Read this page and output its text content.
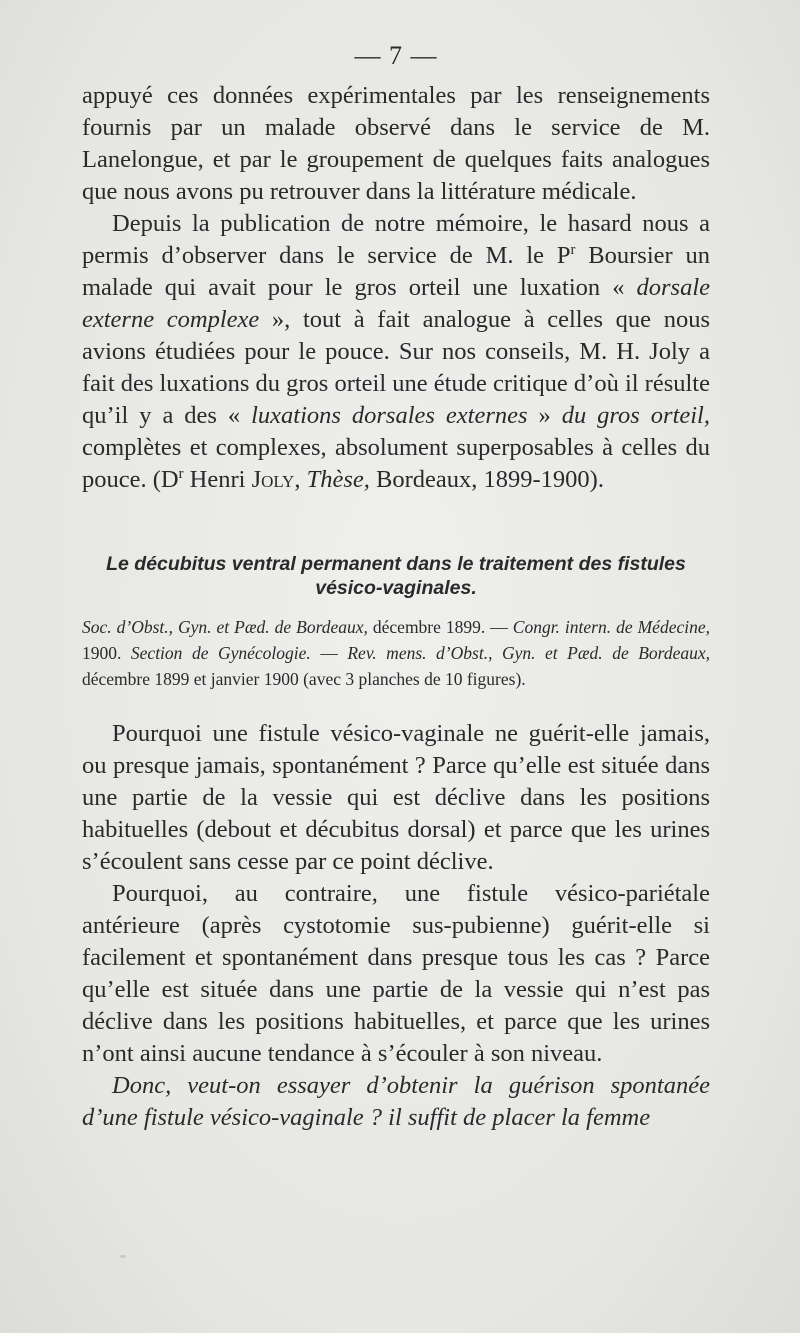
— 7 —

appuyé ces données expérimentales par les renseignements fournis par un malade observé dans le service de M. Lanelongue, et par le groupement de quelques faits analogues que nous avons pu retrouver dans la littérature médicale.

Depuis la publication de notre mémoire, le hasard nous a permis d’observer dans le service de M. le $P^r$ Boursier un malade qui avait pour le gros orteil une luxation « dorsale externe complexe », tout à fait analogue à celles que nous avions étudiées pour le pouce. Sur nos conseils, M. H. Joly a fait des luxations du gros orteil une étude critique d’où il résulte qu’il y a des « luxations dorsales externes » du gros orteil, complètes et complexes, absolument superposables à celles du pouce. ($D^r$ Henri Joly, Thèse, Bordeaux, 1899-1900).

Le décubitus ventral permanent dans le traitement des fistules vésico-vaginales.

Soc. d’Obst., Gyn. et Pæd. de Bordeaux, décembre 1899. — Congr. intern. de Médecine, 1900. Section de Gynécologie. — Rev. mens. d’Obst., Gyn. et Pæd. de Bordeaux, décembre 1899 et janvier 1900 (avec 3 planches de 10 figures).

Pourquoi une fistule vésico-vaginale ne guérit-elle jamais, ou presque jamais, spontanément ? Parce qu’elle est située dans une partie de la vessie qui est déclive dans les positions habituelles (debout et décubitus dorsal) et parce que les urines s’écoulent sans cesse par ce point déclive.

Pourquoi, au contraire, une fistule vésico-pariétale antérieure (après cystotomie sus-pubienne) guérit-elle si facilement et spontanément dans presque tous les cas ? Parce qu’elle est située dans une partie de la vessie qui n’est pas déclive dans les positions habituelles, et parce que les urines n’ont ainsi aucune tendance à s’écouler à son niveau.

Donc, veut-on essayer d’obtenir la guérison spontanée d’une fistule vésico-vaginale ? il suffit de placer la femme
